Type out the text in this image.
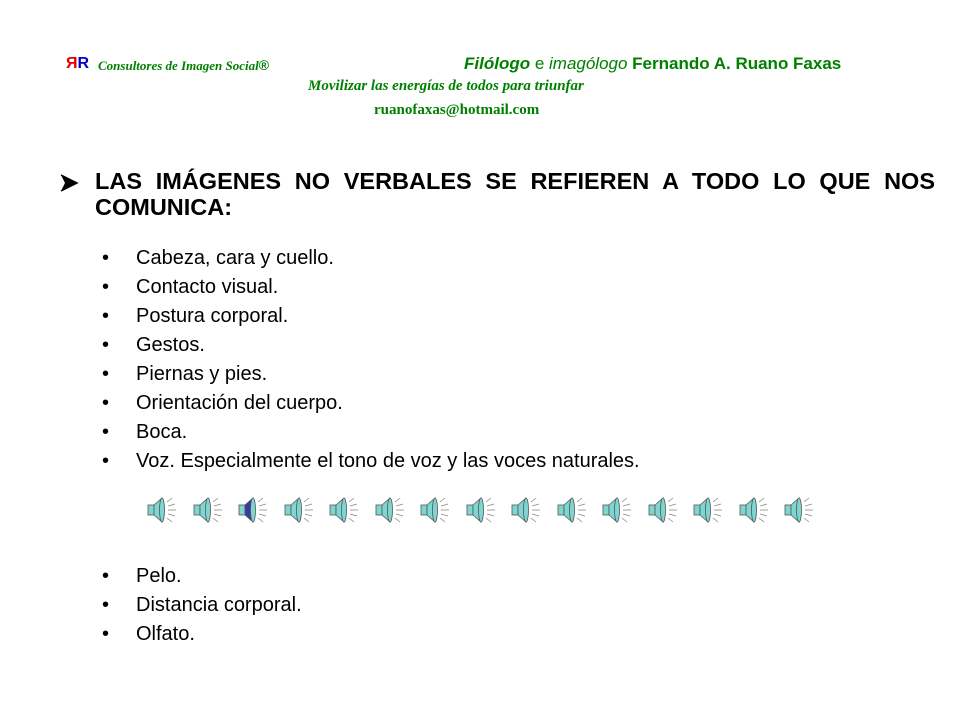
ЯR Consultores de Imagen Social®	Filólogo e imagólogo Fernando A. Ruano Faxas
Movilizar las energías de todos para triunfar
ruanofaxas@hotmail.com
LAS IMÁGENES NO VERBALES SE REFIEREN A TODO LO QUE NOS COMUNICA:
• Cabeza, cara y cuello.
• Contacto visual.
• Postura corporal.
• Gestos.
• Piernas y pies.
• Orientación del cuerpo.
• Boca.
• Voz. Especialmente el tono de voz y las voces naturales.
• Pelo.
• Distancia corporal.
• Olfato.
